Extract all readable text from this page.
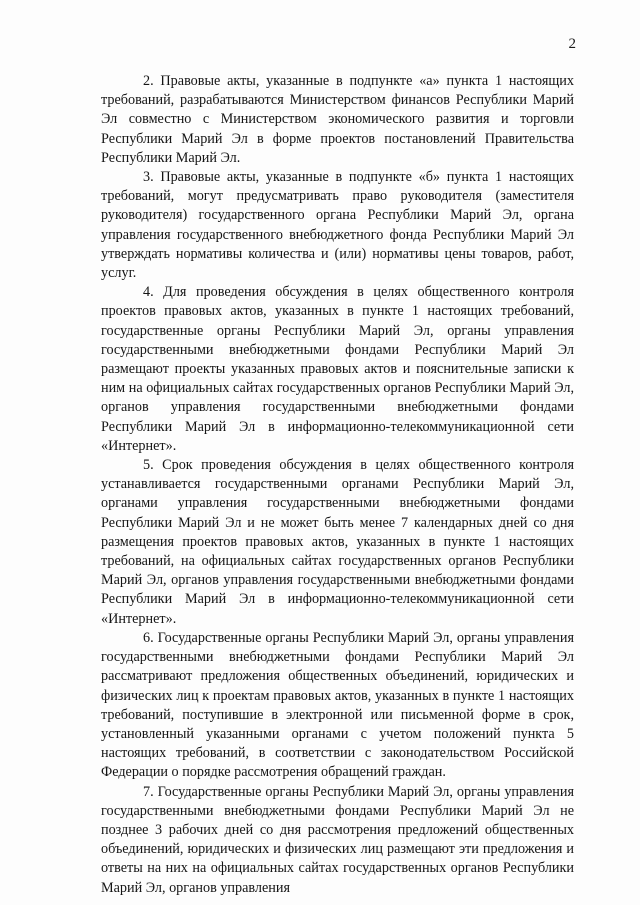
2

2. Правовые акты, указанные в подпункте «а» пункта 1 настоящих требований, разрабатываются Министерством финансов Республики Марий Эл совместно с Министерством экономического развития и торговли Республики Марий Эл в форме проектов постановлений Правительства Республики Марий Эл.

3. Правовые акты, указанные в подпункте «б» пункта 1 настоящих требований, могут предусматривать право руководителя (заместителя руководителя) государственного органа Республики Марий Эл, органа управления государственного внебюджетного фонда Республики Марий Эл утверждать нормативы количества и (или) нормативы цены товаров, работ, услуг.

4. Для проведения обсуждения в целях общественного контроля проектов правовых актов, указанных в пункте 1 настоящих требований, государственные органы Республики Марий Эл, органы управления государственными внебюджетными фондами Республики Марий Эл размещают проекты указанных правовых актов и пояснительные записки к ним на официальных сайтах государственных органов Республики Марий Эл, органов управления государственными внебюджетными фондами Республики Марий Эл в информационно-телекоммуникационной сети «Интернет».

5. Срок проведения обсуждения в целях общественного контроля устанавливается государственными органами Республики Марий Эл, органами управления государственными внебюджетными фондами Республики Марий Эл и не может быть менее 7 календарных дней со дня размещения проектов правовых актов, указанных в пункте 1 настоящих требований, на официальных сайтах государственных органов Республики Марий Эл, органов управления государственными внебюджетными фондами Республики Марий Эл в информационно-телекоммуникационной сети «Интернет».

6. Государственные органы Республики Марий Эл, органы управления государственными внебюджетными фондами Республики Марий Эл рассматривают предложения общественных объединений, юридических и физических лиц к проектам правовых актов, указанных в пункте 1 настоящих требований, поступившие в электронной или письменной форме в срок, установленный указанными органами с учетом положений пункта 5 настоящих требований, в соответствии с законодательством Российской Федерации о порядке рассмотрения обращений граждан.

7. Государственные органы Республики Марий Эл, органы управления государственными внебюджетными фондами Республики Марий Эл не позднее 3 рабочих дней со дня рассмотрения предложений общественных объединений, юридических и физических лиц размещают эти предложения и ответы на них на официальных сайтах государственных органов Республики Марий Эл, органов управления
